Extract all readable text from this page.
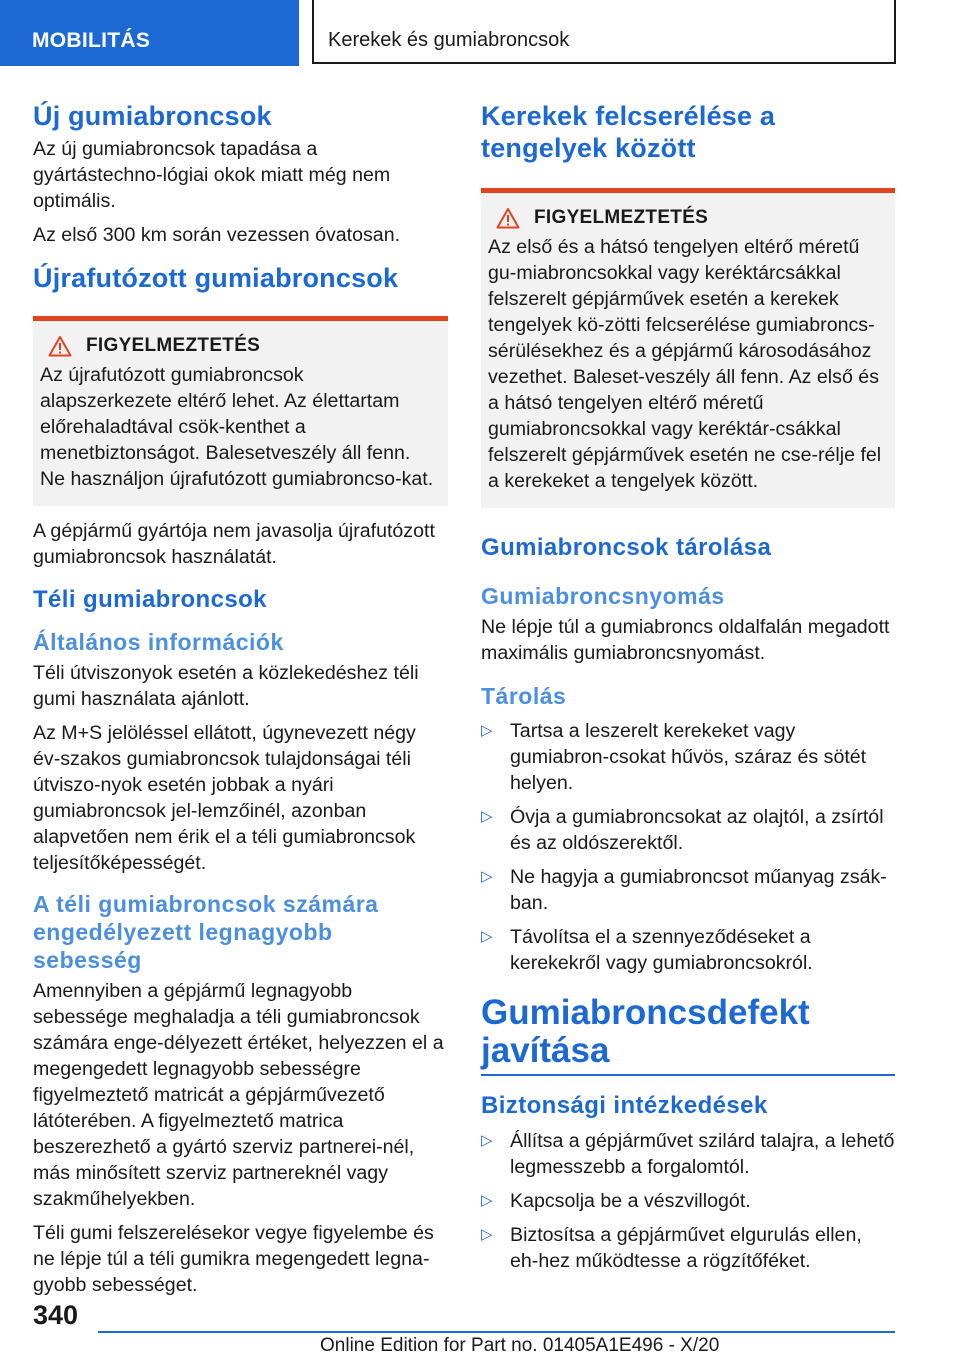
MOBILITÁS	Kerekek és gumiabroncsok
Új gumiabroncsok

Az új gumiabroncsok tapadása a gyártástechno-lógiai okok miatt még nem optimális.

Az első 300 km során vezessen óvatosan.

Újrafutózott gumiabroncsok
FIGYELMEZTETÉS

Az újrafutózott gumiabroncsok alapszerkezete eltérő lehet. Az élettartam előrehaladtával csök-kenthet a menetbiztonságot. Balesetveszély áll fenn. Ne használjon újrafutózott gumiabroncso-kat.

A gépjármű gyártója nem javasolja újrafutózott gumiabroncsok használatát.

Téli gumiabroncsok
Általános információk

Téli útviszonyok esetén a közlekedéshez téli gumi használata ajánlott.

Az M+S jelöléssel ellátott, úgynevezett négy év-szakos gumiabroncsok tulajdonságai téli útviszo-nyok esetén jobbak a nyári gumiabroncsok jel-lemzőinél, azonban alapvetően nem érik el a téli gumiabroncsok teljesítőképességét.

A téli gumiabroncsok számára engedélyezett legnagyobb sebesség

Amennyiben a gépjármű legnagyobb sebessége meghaladja a téli gumiabroncsok számára enge-délyezett értéket, helyezzen el a megengedett legnagyobb sebességre figyelmeztető matricát a gépjárművezető látóterében. A figyelmeztető matrica beszerezhető a gyártó szerviz partnerei-nél, más minősített szerviz partnereknél vagy szakműhelyekben.

Téli gumi felszerelésekor vegye figyelembe és ne lépje túl a téli gumikra megengedett legna-gyobb sebességet.

Kerekek felcserélése a tengelyek között
FIGYELMEZTETÉS

Az első és a hátsó tengelyen eltérő méretű gu-miabroncsokkal vagy keréktárcsákkal felszerelt gépjárművek esetén a kerekek tengelyek kö-zötti felcserélése gumiabroncs-sérülésekhez és a gépjármű károsodásához vezethet. Baleset-veszély áll fenn. Az első és a hátsó tengelyen eltérő méretű gumiabroncsokkal vagy keréktár-csákkal felszerelt gépjárművek esetén ne cse-rélje fel a kerekeket a tengelyek között.

Gumiabroncsok tárolása
Gumiabroncsnyomás

Ne lépje túl a gumiabroncs oldalfalán megadott maximális gumiabroncsnyomást.

Tárolás
▷ Tartsa a leszerelt kerekeket vagy gumiabron-csokat hűvös, száraz és sötét helyen.
▷ Óvja a gumiabroncsokat az olajtól, a zsírtól és az oldószerektől.
▷ Ne hagyja a gumiabroncsot műanyag zsák-ban.
▷ Távolítsa el a szennyeződéseket a kerekekről vagy gumiabroncsokról.
Gumiabroncsdefekt javítása
Biztonsági intézkedések
▷ Állítsa a gépjárművet szilárd talajra, a lehető legmesszebb a forgalomtól.
▷ Kapcsolja be a vészvillogót.
▷ Biztosítsa a gépjárművet elgurulás ellen, eh-hez működtesse a rögzítőféket.
340
Online Edition for Part no. 01405A1E496 - X/20
